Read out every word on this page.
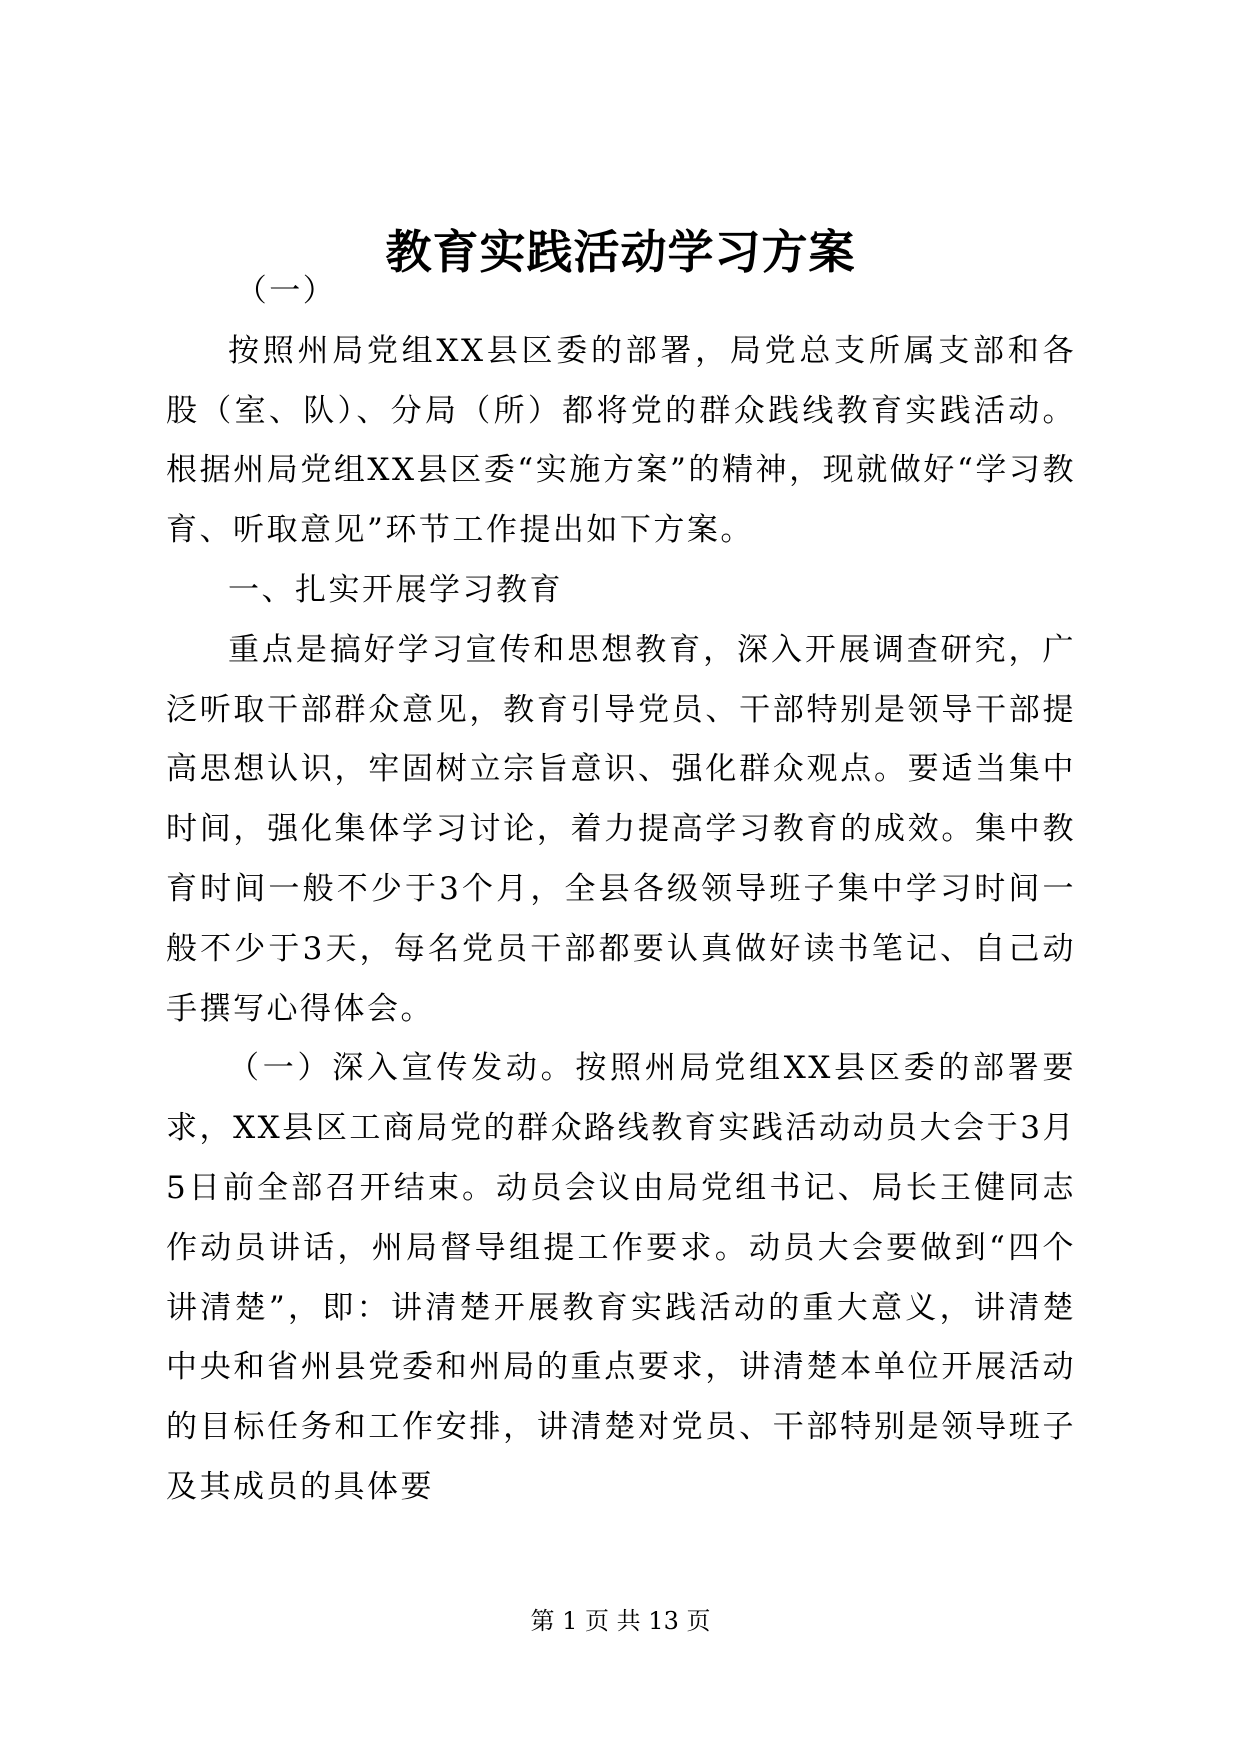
教育实践活动学习方案

（一）

按照州局党组XX县区委的部署，局党总支所属支部和各股（室、队）、分局（所）都将党的群众践线教育实践活动。根据州局党组XX县区委“实施方案”的精神，现就做好“学习教育、听取意见”环节工作提出如下方案。

一、扎实开展学习教育

重点是搞好学习宣传和思想教育，深入开展调查研究，广泛听取干部群众意见，教育引导党员、干部特别是领导干部提高思想认识，牢固树立宗旨意识、强化群众观点。要适当集中时间，强化集体学习讨论，着力提高学习教育的成效。集中教育时间一般不少于3个月，全县各级领导班子集中学习时间一般不少于3天，每名党员干部都要认真做好读书笔记、自己动手撰写心得体会。

（一）深入宣传发动。按照州局党组XX县区委的部署要求，XX县区工商局党的群众路线教育实践活动动员大会于3月5日前全部召开结束。动员会议由局党组书记、局长王健同志作动员讲话，州局督导组提工作要求。动员大会要做到“四个讲清楚”，即：讲清楚开展教育实践活动的重大意义，讲清楚中央和省州县党委和州局的重点要求，讲清楚本单位开展活动的目标任务和工作安排，讲清楚对党员、干部特别是领导班子及其成员的具体要

第 1 页 共 13 页
